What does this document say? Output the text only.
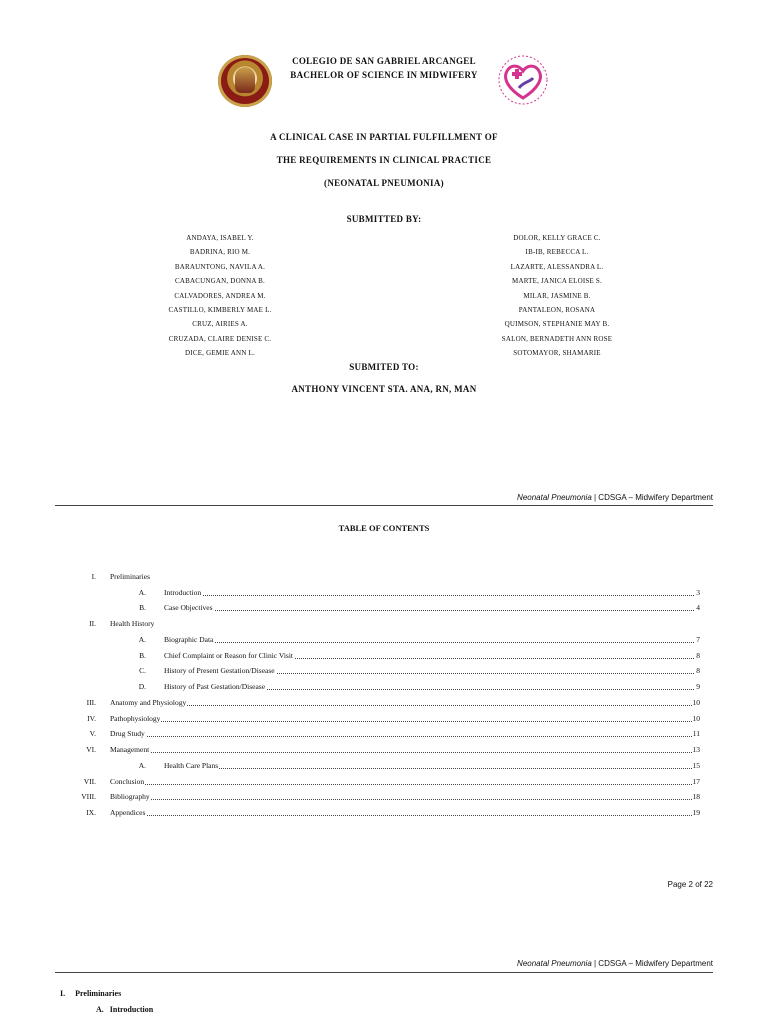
COLEGIO DE SAN GABRIEL ARCANGEL
BACHELOR OF SCIENCE IN MIDWIFERY
A CLINICAL CASE IN PARTIAL FULFILLMENT OF
THE REQUIREMENTS IN CLINICAL PRACTICE
(NEONATAL PNEUMONIA)
SUBMITTED BY:
ANDAYA, ISABEL Y.
BADRINA, RIO M.
BARAUNTONG, NAVILA A.
CABACUNGAN, DONNA B.
CALVADORES, ANDREA M.
CASTILLO, KIMBERLY MAE L.
CRUZ, AIRIES A.
CRUZADA, CLAIRE DENISE C.
DICE, GEMIE ANN L.
DOLOR, KELLY GRACE C.
IB-IB, REBECCA L.
LAZARTE, ALESSANDRA L.
MARTE, JANICA ELOISE S.
MILAR, JASMINE B.
PANTALEON, ROSANA
QUIMSON, STEPHANIE MAY B.
SALON, BERNADETH ANN ROSE
SOTOMAYOR, SHAMARIE
SUBMITED TO:
ANTHONY VINCENT STA. ANA, RN, MAN
Neonatal Pneumonia | CDSGA – Midwifery Department
TABLE OF CONTENTS
I. Preliminaries
A. Introduction	3
B. Case Objectives	4
II. Health History
A. Biographic Data	7
B. Chief Complaint or Reason for Clinic Visit	8
C. History of Present Gestation/Disease	8
D. History of Past Gestation/Disease	9
III. Anatomy and Physiology	10
IV. Pathophysiology	10
V. Drug Study	11
VI. Management	13
A. Health Care Plans	15
VII. Conclusion	17
VIII. Bibliography	18
IX. Appendices	19
Page 2 of 22
Neonatal Pneumonia | CDSGA – Midwifery Department
I. Preliminaries
A. Introduction
